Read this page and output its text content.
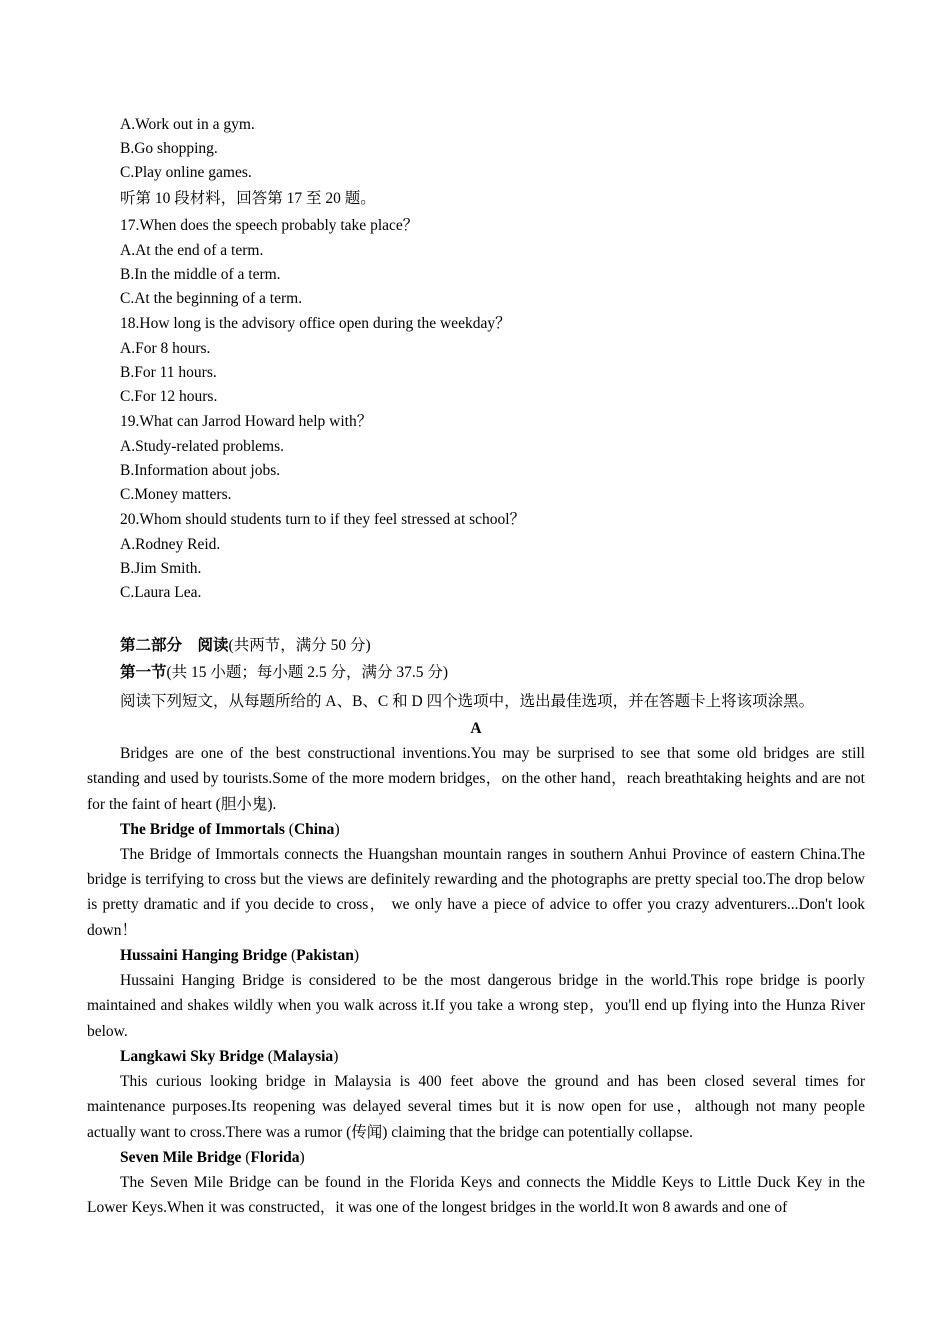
A.Work out in a gym.
B.Go shopping.
C.Play online games.
听第 10 段材料，回答第 17 至 20 题。
17.When does the speech probably take place？
A.At the end of a term.
B.In the middle of a term.
C.At the beginning of a term.
18.How long is the advisory office open during the weekday？
A.For 8 hours.
B.For 11 hours.
C.For 12 hours.
19.What can Jarrod Howard help with？
A.Study-related problems.
B.Information about jobs.
C.Money matters.
20.Whom should students turn to if they feel stressed at school？
A.Rodney Reid.
B.Jim Smith.
C.Laura Lea.
第二部分 阅读(共两节，满分 50 分)
第一节(共 15 小题；每小题 2.5 分，满分 37.5 分)
阅读下列短文，从每题所给的 A、B、C 和 D 四个选项中，选出最佳选项，并在答题卡上将该项涂黑。
A

Bridges are one of the best constructional inventions.You may be surprised to see that some old bridges are still standing and used by tourists.Some of the more modern bridges，on the other hand，reach breathtaking heights and are not for the faint of heart (胆小鬼).

The Bridge of Immortals (China)

The Bridge of Immortals connects the Huangshan mountain ranges in southern Anhui Province of eastern China.The bridge is terrifying to cross but the views are definitely rewarding and the photographs are pretty special too.The drop below is pretty dramatic and if you decide to cross， we only have a piece of advice to offer you crazy adventurers...Don't look down！

Hussaini Hanging Bridge (Pakistan)

Hussaini Hanging Bridge is considered to be the most dangerous bridge in the world.This rope bridge is poorly maintained and shakes wildly when you walk across it.If you take a wrong step，you'll end up flying into the Hunza River below.

Langkawi Sky Bridge (Malaysia)

This curious looking bridge in Malaysia is 400 feet above the ground and has been closed several times for maintenance purposes.Its reopening was delayed several times but it is now open for use，although not many people actually want to cross.There was a rumor (传闻) claiming that the bridge can potentially collapse.

Seven Mile Bridge (Florida)

The Seven Mile Bridge can be found in the Florida Keys and connects the Middle Keys to Little Duck Key in the Lower Keys.When it was constructed，it was one of the longest bridges in the world.It won 8 awards and one of
